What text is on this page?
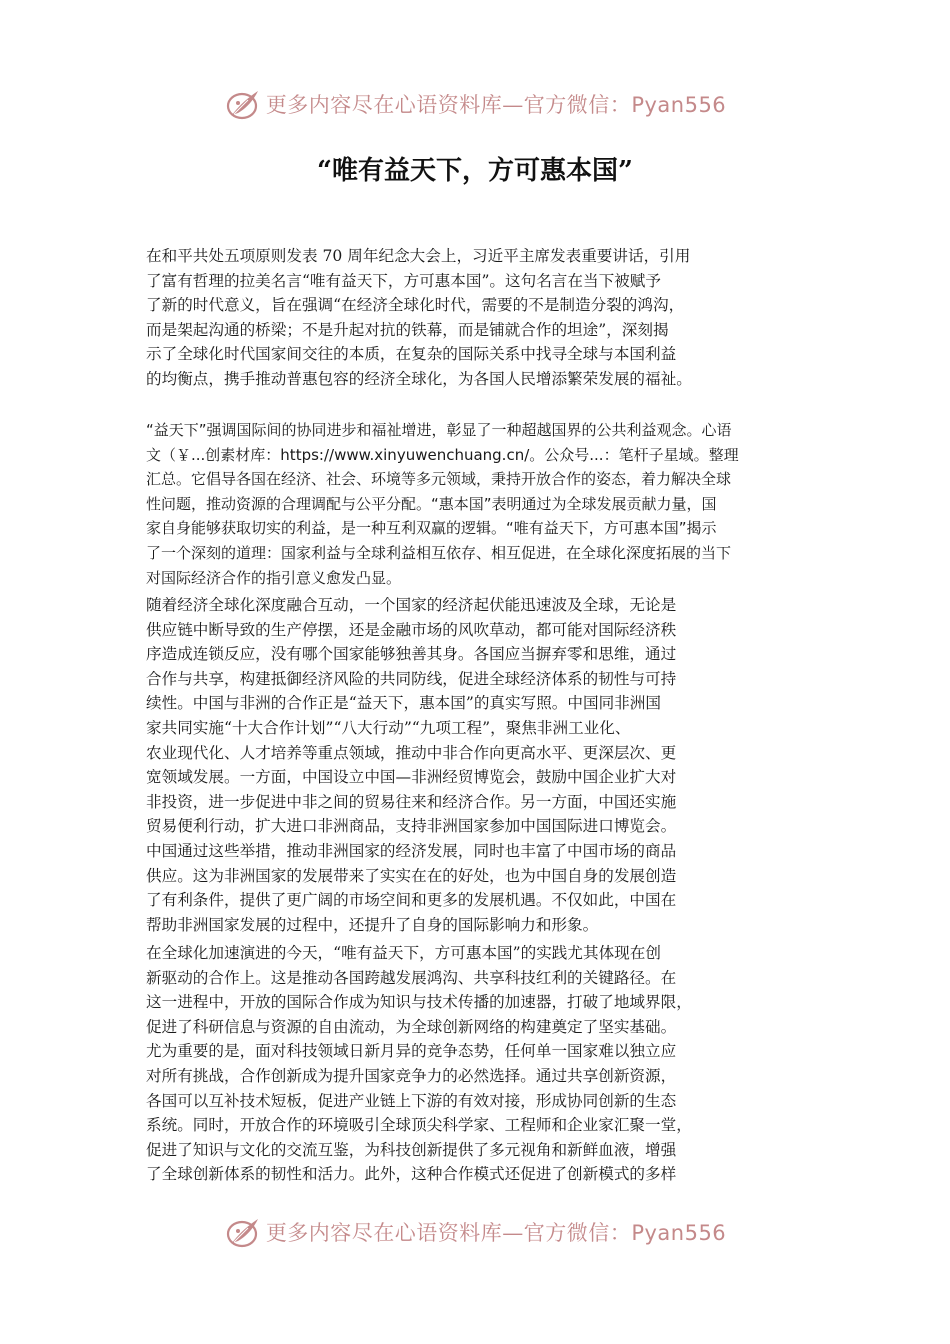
更多内容尽在心语资料库—官方微信：Pyan556
“唯有益天下，方可惠本国”
在和平共处五项原则发表 70 周年纪念大会上，习近平主席发表重要讲话，引用
了富有哲理的拉美名言“唯有益天下，方可惠本国”。这句名言在当下被赋予
了新的时代意义，旨在强调“在经济全球化时代，需要的不是制造分裂的鸿沟，
而是架起沟通的桥梁；不是升起对抗的铁幕，而是铺就合作的坦途”，深刻揭
示了全球化时代国家间交往的本质，在复杂的国际关系中找寻全球与本国利益
的均衡点，携手推动普惠包容的经济全球化，为各国人民增添繁荣发展的福祉。
“益天下”强调国际间的协同进步和福祉增进，彰显了一种超越国界的公共利益观念。心语
文（￥...创素材库：https://www.xinyuwenchuang.cn/。公众号...：笔杆子星域。整理
汇总。它倡导各国在经济、社会、环境等多元领域，秉持开放合作的姿态，着力解决全球
性问题，推动资源的合理调配与公平分配。“惠本国”表明通过为全球发展贡献力量，国
家自身能够获取切实的利益，是一种互利双赢的逻辑。“唯有益天下，方可惠本国”揭示
了一个深刻的道理：国家利益与全球利益相互依存、相互促进，在全球化深度拓展的当下
对国际经济合作的指引意义愈发凸显。
随着经济全球化深度融合互动，一个国家的经济起伏能迅速波及全球，无论是
供应链中断导致的生产停摆，还是金融市场的风吹草动，都可能对国际经济秩
序造成连锁反应，没有哪个国家能够独善其身。各国应当摒弃零和思维，通过
合作与共享，构建抵御经济风险的共同防线，促进全球经济体系的韧性与可持
续性。中国与非洲的合作正是“益天下，惠本国”的真实写照。中国同非洲国
家共同实施“十大合作计划”“八大行动”“九项工程”，聚焦非洲工业化、
农业现代化、人才培养等重点领域，推动中非合作向更高水平、更深层次、更
宽领域发展。一方面，中国设立中国—非洲经贸博览会，鼓励中国企业扩大对
非投资，进一步促进中非之间的贸易往来和经济合作。另一方面，中国还实施
贸易便利行动，扩大进口非洲商品，支持非洲国家参加中国国际进口博览会。
中国通过这些举措，推动非洲国家的经济发展，同时也丰富了中国市场的商品
供应。这为非洲国家的发展带来了实实在在的好处，也为中国自身的发展创造
了有利条件，提供了更广阔的市场空间和更多的发展机遇。不仅如此，中国在
帮助非洲国家发展的过程中，还提升了自身的国际影响力和形象。
在全球化加速演进的今天，“唯有益天下，方可惠本国”的实践尤其体现在创
新驱动的合作上。这是推动各国跨越发展鸿沟、共享科技红利的关键路径。在
这一进程中，开放的国际合作成为知识与技术传播的加速器，打破了地域界限，
促进了科研信息与资源的自由流动，为全球创新网络的构建奠定了坚实基础。
尤为重要的是，面对科技领域日新月异的竞争态势，任何单一国家难以独立应
对所有挑战，合作创新成为提升国家竞争力的必然选择。通过共享创新资源，
各国可以互补技术短板，促进产业链上下游的有效对接，形成协同创新的生态
系统。同时，开放合作的环境吸引全球顶尖科学家、工程师和企业家汇聚一堂，
促进了知识与文化的交流互鉴，为科技创新提供了多元视角和新鲜血液，增强
了全球创新体系的韧性和活力。此外，这种合作模式还促进了创新模式的多样
更多内容尽在心语资料库—官方微信：Pyan556
